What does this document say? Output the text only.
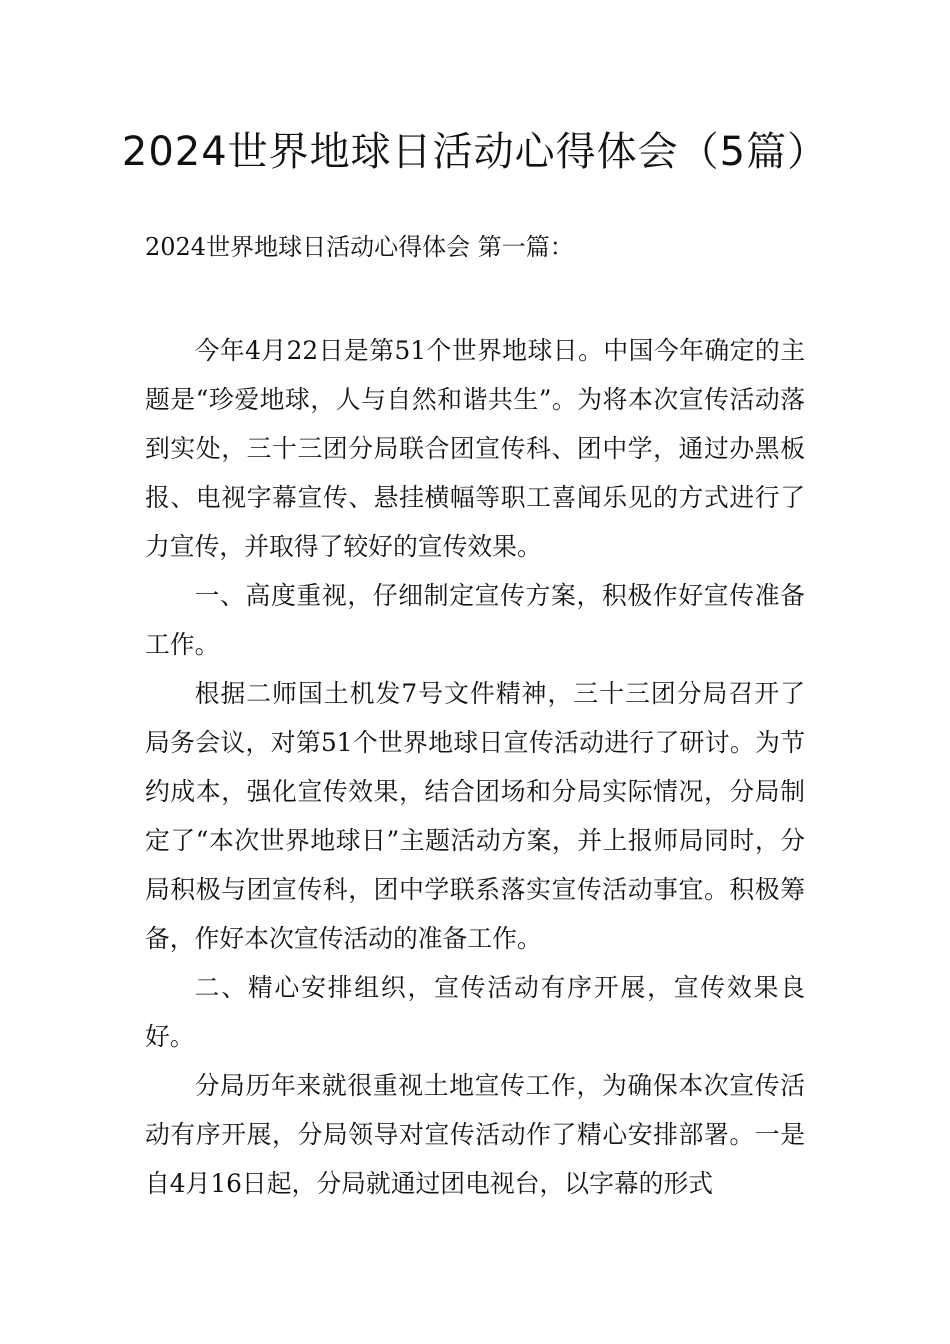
2024世界地球日活动心得体会（5篇）

2024世界地球日活动心得体会 第一篇：

今年4月22日是第51个世界地球日。中国今年确定的主题是“珍爱地球，人与自然和谐共生”。为将本次宣传活动落到实处，三十三团分局联合团宣传科、团中学，通过办黑板报、电视字幕宣传、悬挂横幅等职工喜闻乐见的方式进行了力宣传，并取得了较好的宣传效果。

一、高度重视，仔细制定宣传方案，积极作好宣传准备工作。

根据二师国土机发7号文件精神，三十三团分局召开了局务会议，对第51个世界地球日宣传活动进行了研讨。为节约成本，强化宣传效果，结合团场和分局实际情况，分局制定了“本次世界地球日”主题活动方案，并上报师局同时，分局积极与团宣传科，团中学联系落实宣传活动事宜。积极筹备，作好本次宣传活动的准备工作。

二、精心安排组织，宣传活动有序开展，宣传效果良好。

分局历年来就很重视土地宣传工作，为确保本次宣传活动有序开展，分局领导对宣传活动作了精心安排部署。一是自4月16日起，分局就通过团电视台，以字幕的形式
